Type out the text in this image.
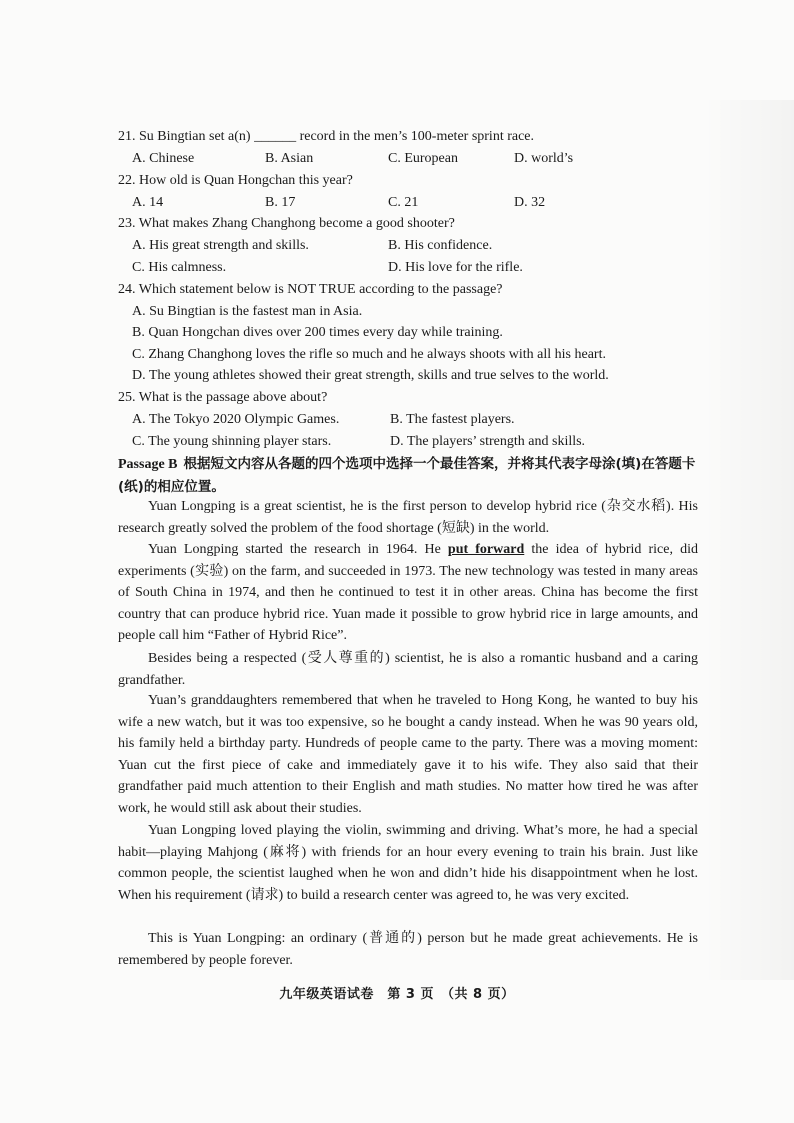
21. Su Bingtian set a(n) ______ record in the men’s 100-meter sprint race.
A. Chinese	B. Asian	C. European	D. world’s
22. How old is Quan Hongchan this year?
A. 14	B. 17	C. 21	D. 32
23. What makes Zhang Changhong become a good shooter?
A. His great strength and skills.	B. His confidence.
C. His calmness.	D. His love for the rifle.
24. Which statement below is NOT TRUE according to the passage?
A. Su Bingtian is the fastest man in Asia.
B. Quan Hongchan dives over 200 times every day while training.
C. Zhang Changhong loves the rifle so much and he always shoots with all his heart.
D. The young athletes showed their great strength, skills and true selves to the world.
25. What is the passage above about?
A. The Tokyo 2020 Olympic Games.	B. The fastest players.
C. The young shinning player stars.	D. The players’ strength and skills.
Passage B 根据短文内容从各题的四个选项中选择一个最佳答案，并将其代表字母涂(填)在答题卡(纸)的相应位置。
Yuan Longping is a great scientist, he is the first person to develop hybrid rice (杂交水稻). His research greatly solved the problem of the food shortage (短缺) in the world.
Yuan Longping started the research in 1964. He put forward the idea of hybrid rice, did experiments (实验) on the farm, and succeeded in 1973. The new technology was tested in many areas of South China in 1974, and then he continued to test it in other areas. China has become the first country that can produce hybrid rice. Yuan made it possible to grow hybrid rice in large amounts, and people call him “Father of Hybrid Rice”.
Besides being a respected (受人尊重的) scientist, he is also a romantic husband and a caring grandfather.
Yuan’s granddaughters remembered that when he traveled to Hong Kong, he wanted to buy his wife a new watch, but it was too expensive, so he bought a candy instead. When he was 90 years old, his family held a birthday party. Hundreds of people came to the party. There was a moving moment: Yuan cut the first piece of cake and immediately gave it to his wife. They also said that their grandfather paid much attention to their English and math studies. No matter how tired he was after work, he would still ask about their studies.
Yuan Longping loved playing the violin, swimming and driving. What’s more, he had a special habit—playing Mahjong (麻将) with friends for an hour every evening to train his brain. Just like common people, the scientist laughed when he won and didn’t hide his disappointment when he lost. When his requirement (请求) to build a research center was agreed to, he was very excited.
This is Yuan Longping: an ordinary (普通的) person but he made great achievements. He is remembered by people forever.
九年级英语试卷　第 3 页　（共 8 页）
